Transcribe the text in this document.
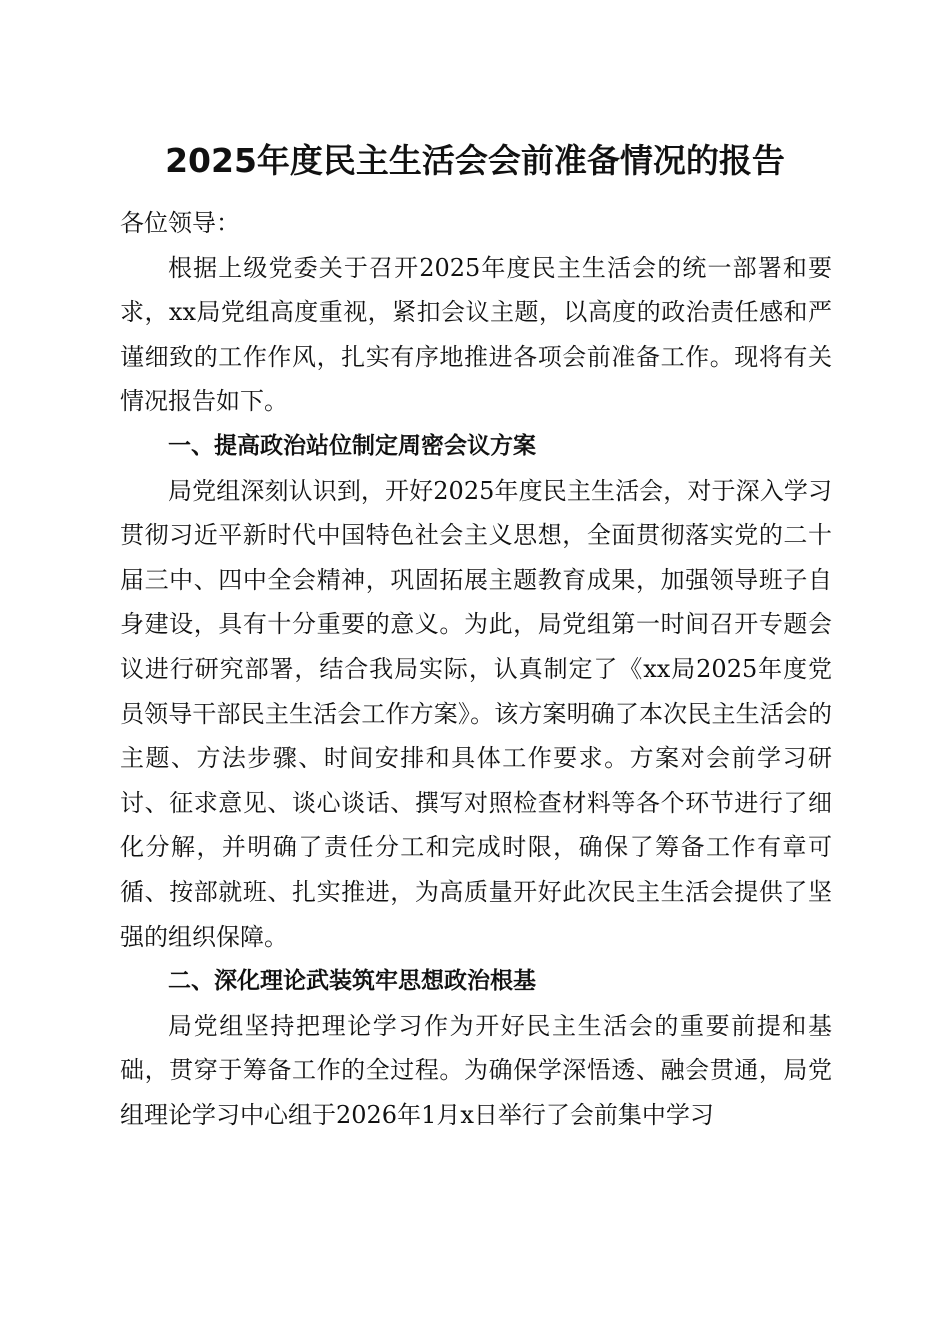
2025年度民主生活会会前准备情况的报告

各位领导：

根据上级党委关于召开2025年度民主生活会的统一部署和要求，xx局党组高度重视，紧扣会议主题，以高度的政治责任感和严谨细致的工作作风，扎实有序地推进各项会前准备工作。现将有关情况报告如下。

一、提高政治站位制定周密会议方案

局党组深刻认识到，开好2025年度民主生活会，对于深入学习贯彻习近平新时代中国特色社会主义思想，全面贯彻落实党的二十届三中、四中全会精神，巩固拓展主题教育成果，加强领导班子自身建设，具有十分重要的意义。为此，局党组第一时间召开专题会议进行研究部署，结合我局实际，认真制定了《xx局2025年度党员领导干部民主生活会工作方案》。该方案明确了本次民主生活会的主题、方法步骤、时间安排和具体工作要求。方案对会前学习研讨、征求意见、谈心谈话、撰写对照检查材料等各个环节进行了细化分解，并明确了责任分工和完成时限，确保了筹备工作有章可循、按部就班、扎实推进，为高质量开好此次民主生活会提供了坚强的组织保障。

二、深化理论武装筑牢思想政治根基

局党组坚持把理论学习作为开好民主生活会的重要前提和基础，贯穿于筹备工作的全过程。为确保学深悟透、融会贯通，局党组理论学习中心组于2026年1月x日举行了会前集中学习
